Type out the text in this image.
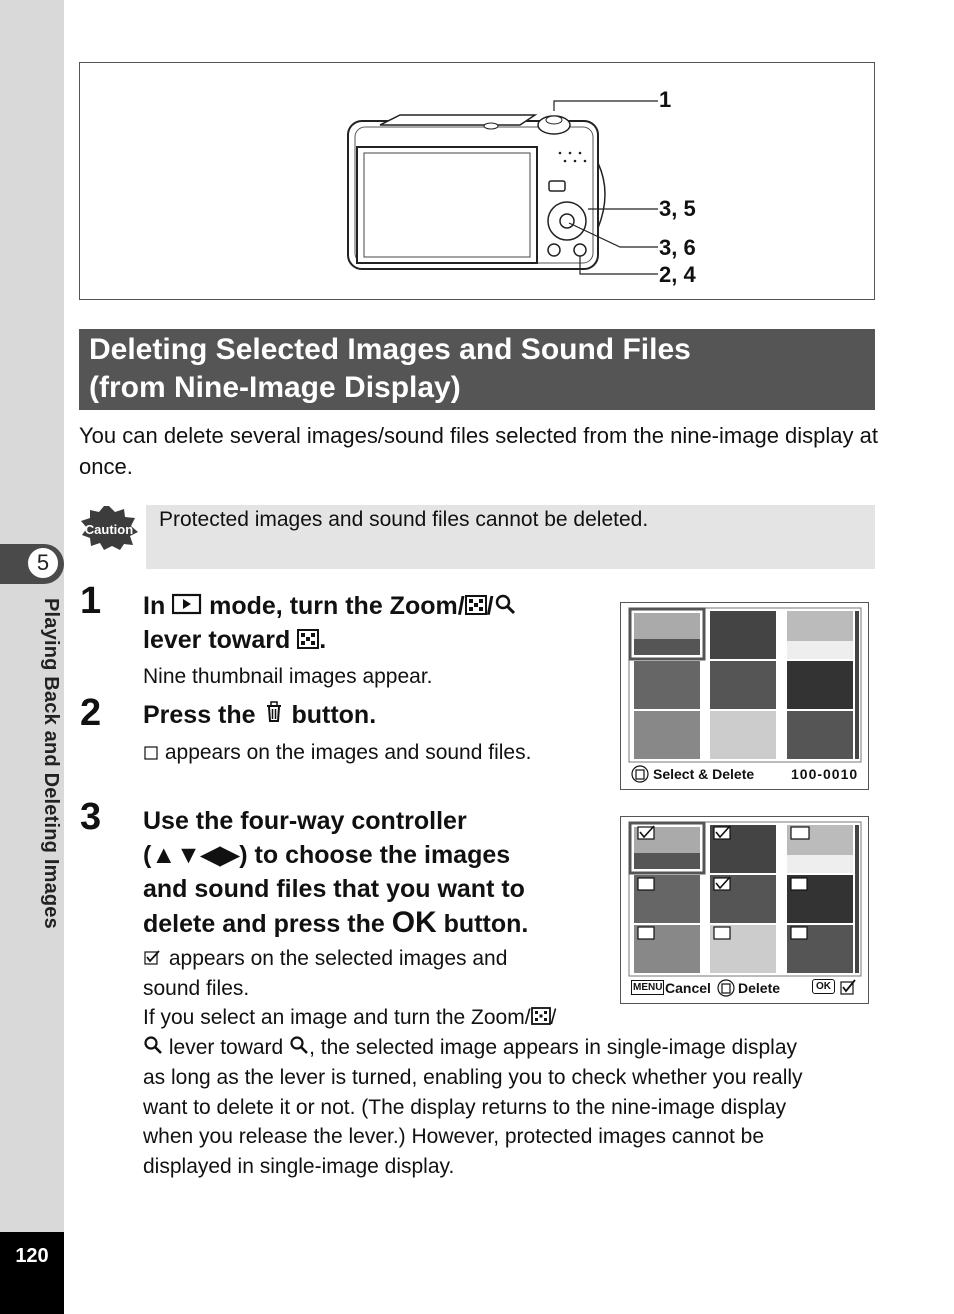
5
Playing Back and Deleting Images
120
1
3, 5
3, 6
2, 4
Deleting Selected Images and Sound Files
(from Nine-Image Display)
You can delete several images/sound files selected from the nine-image display at once.
Caution	Protected images and sound files cannot be deleted.
1 In mode, turn the Zoom/ /
lever toward .
Nine thumbnail images appear.
2 Press the button.
appears on the images and sound files.
Select & Delete	100-0010
3 Use the four-way controller
(▲▼◀▶) to choose the images
and sound files that you want to
delete and press the OK button.
appears on the selected images and
sound files.	MENU Cancel Delete	OK
If you select an image and turn the Zoom/ /
lever toward , the selected image appears in single-image display
as long as the lever is turned, enabling you to check whether you really
want to delete it or not. (The display returns to the nine-image display
when you release the lever.) However, protected images cannot be
displayed in single-image display.
